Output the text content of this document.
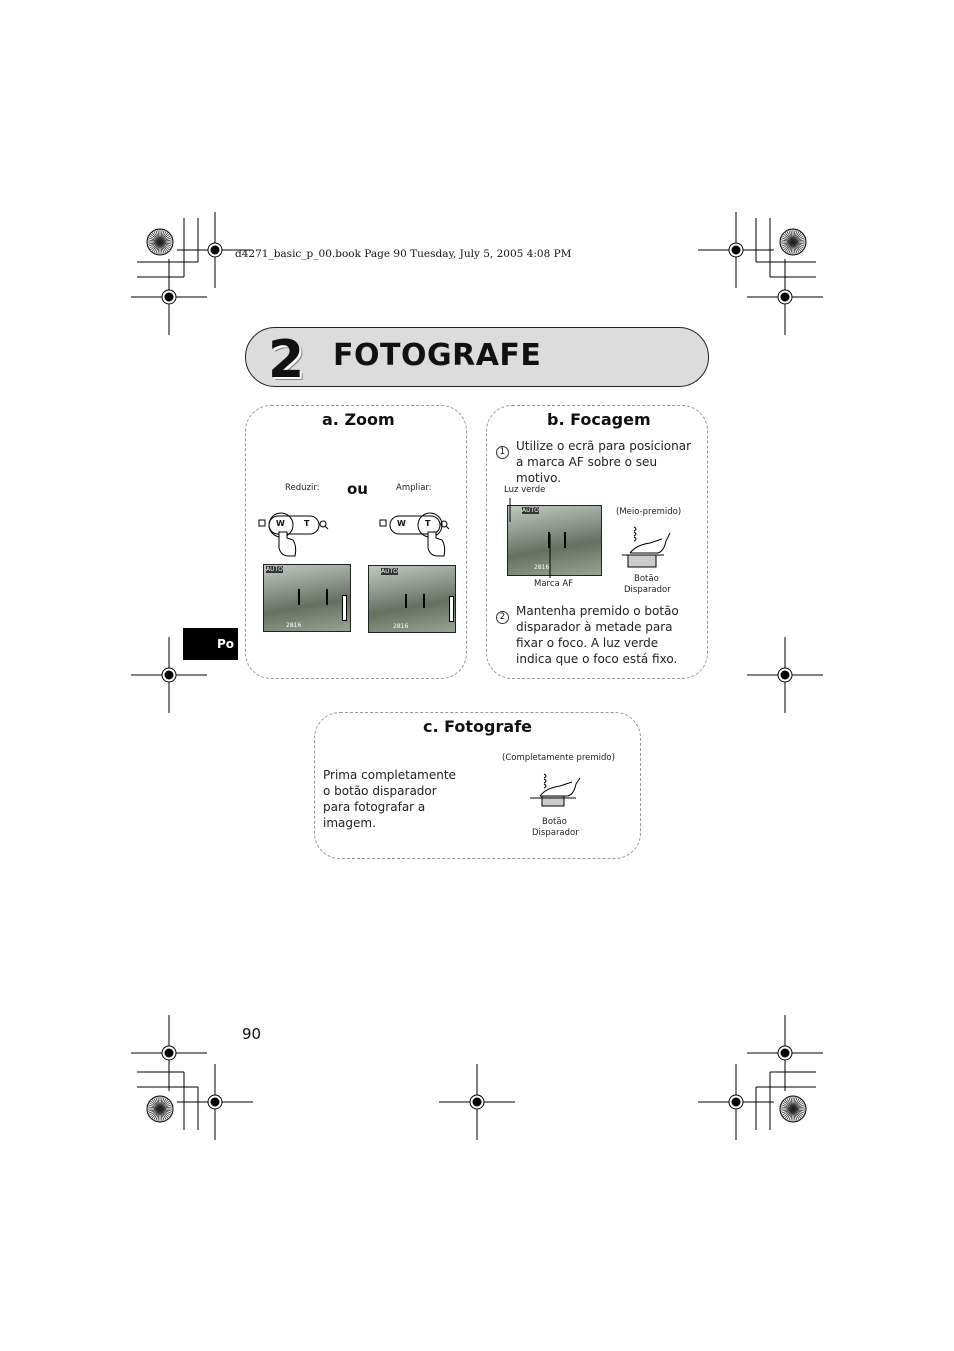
d4271_basic_p_00.book Page 90 Tuesday, July 5, 2005 4:08 PM
2 FOTOGRAFE
a. Zoom
Reduzir: ou	Ampliar:
W T	W T
AUTO
2816
AUTO
2816
b. Focagem
1 Utilize o ecrã para posicionar a marca AF sobre o seu motivo.
Luz verde
(Meio-premido)
AUTO
2816
Marca AF	Botão
Disparador
2 Mantenha premido o botão disparador à metade para fixar o foco. A luz verde indica que o foco está fixo.
Po
c. Fotografe
(Completamente premido)
Prima completamente o botão disparador para fotografar a imagem.	Botão
Disparador
90
